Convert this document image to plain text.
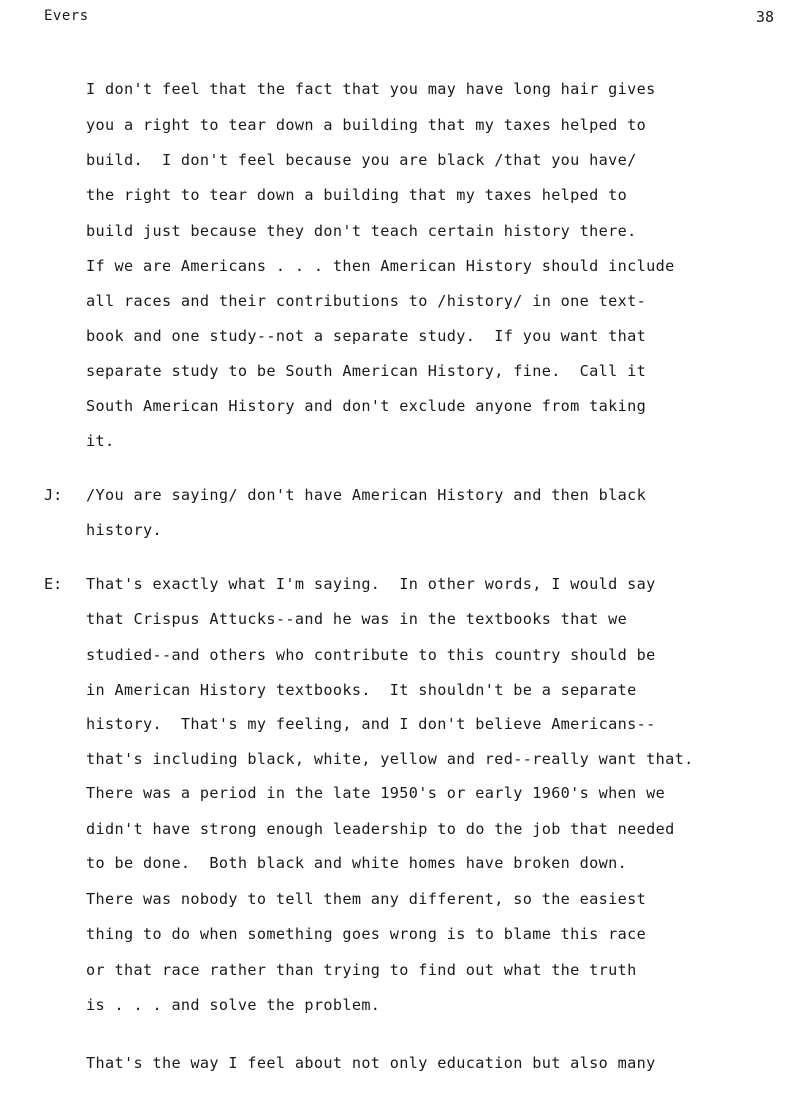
Evers	38
I don't feel that the fact that you may have long hair gives
you a right to tear down a building that my taxes helped to
build.  I don't feel because you are black /that you have/
the right to tear down a building that my taxes helped to
build just because they don't teach certain history there.
If we are Americans . . . then American History should include
all races and their contributions to /history/ in one text-
book and one study--not a separate study.  If you want that
separate study to be South American History, fine.  Call it
South American History and don't exclude anyone from taking
it.
J: /You are saying/ don't have American History and then black
history.
E: That's exactly what I'm saying.  In other words, I would say
that Crispus Attucks--and he was in the textbooks that we
studied--and others who contribute to this country should be
in American History textbooks.  It shouldn't be a separate
history.  That's my feeling, and I don't believe Americans--
that's including black, white, yellow and red--really want that.
There was a period in the late 1950's or early 1960's when we
didn't have strong enough leadership to do the job that needed
to be done.  Both black and white homes have broken down.
There was nobody to tell them any different, so the easiest
thing to do when something goes wrong is to blame this race
or that race rather than trying to find out what the truth
is . . . and solve the problem.
That's the way I feel about not only education but also many
